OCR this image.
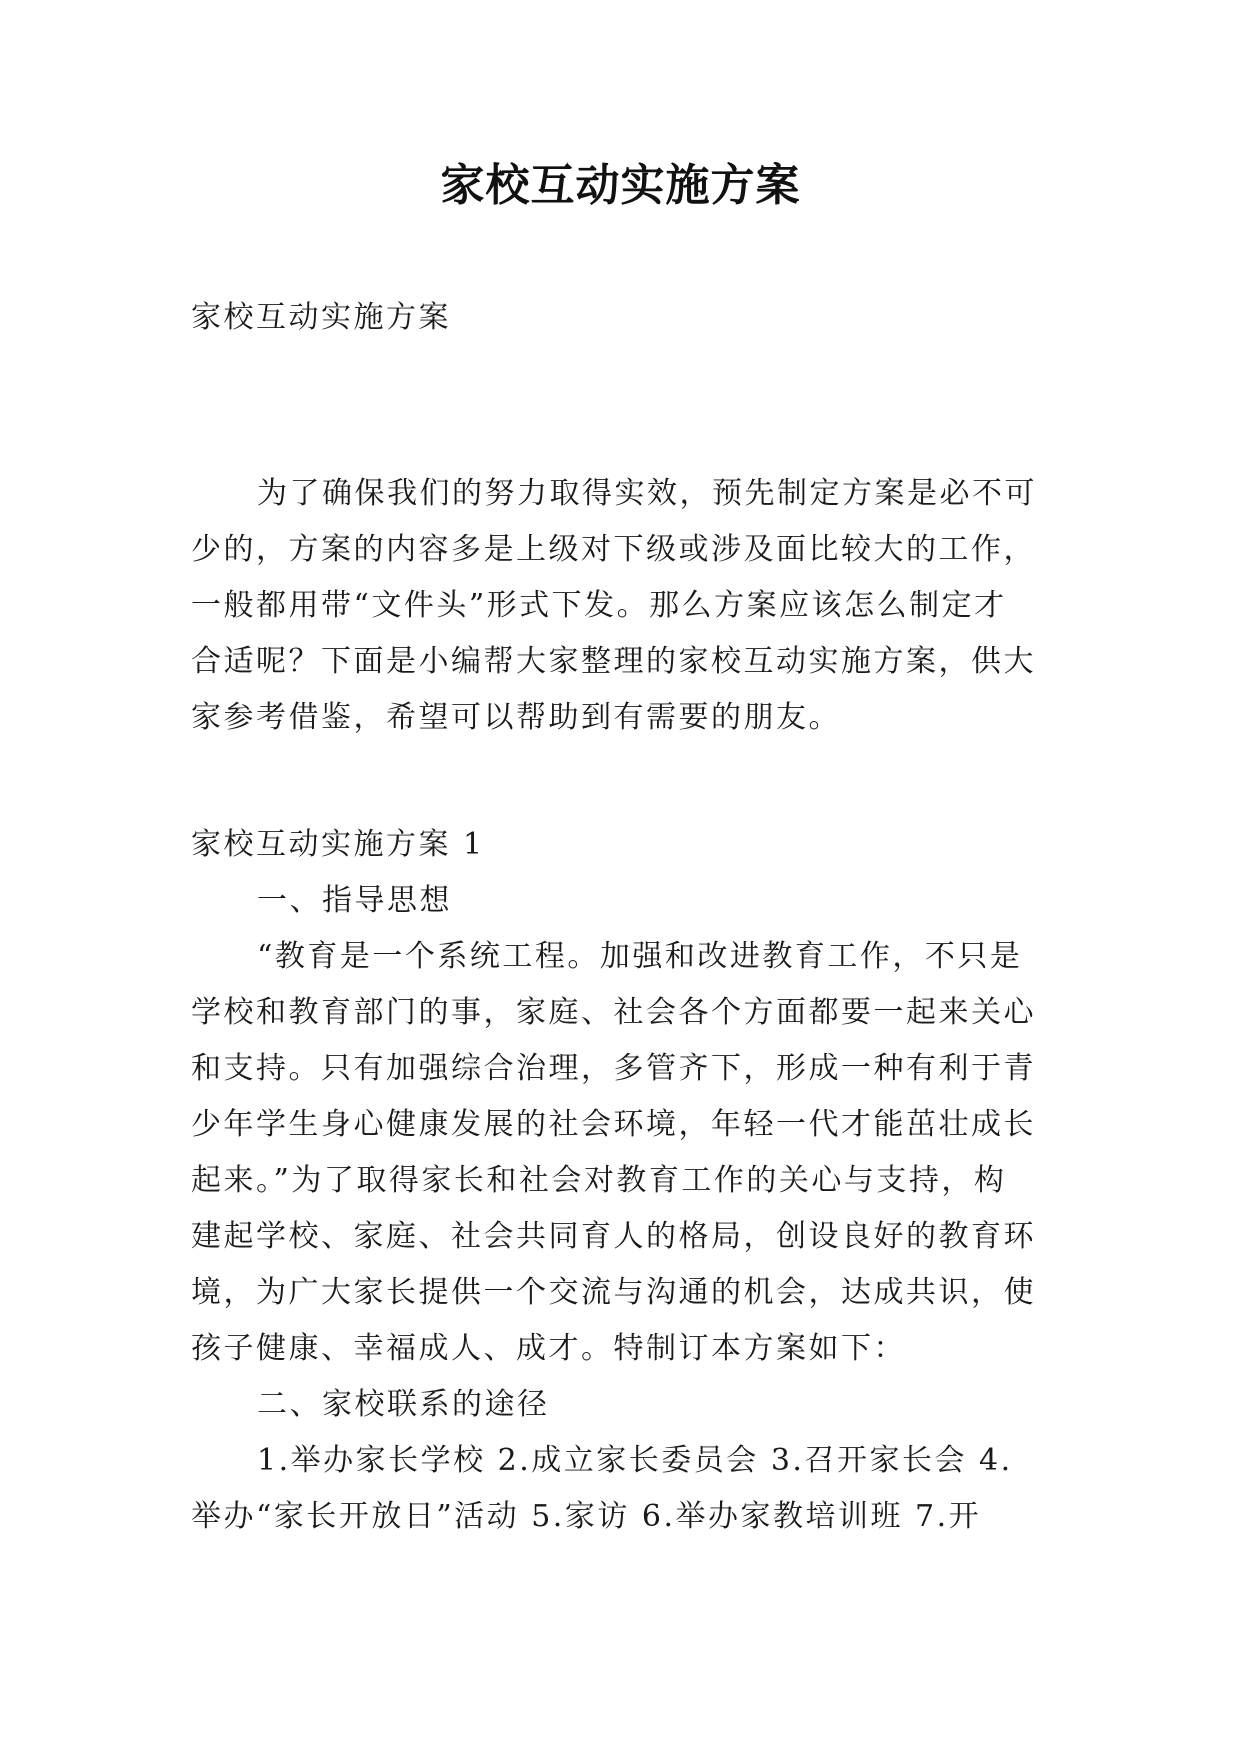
家校互动实施方案
家校互动实施方案
为了确保我们的努力取得实效，预先制定方案是必不可
少的，方案的内容多是上级对下级或涉及面比较大的工作，
一般都用带“文件头”形式下发。那么方案应该怎么制定才
合适呢？下面是小编帮大家整理的家校互动实施方案，供大
家参考借鉴，希望可以帮助到有需要的朋友。
家校互动实施方案 1
一、指导思想
“教育是一个系统工程。加强和改进教育工作，不只是
学校和教育部门的事，家庭、社会各个方面都要一起来关心
和支持。只有加强综合治理，多管齐下，形成一种有利于青
少年学生身心健康发展的社会环境，年轻一代才能茁壮成长
起来。”为了取得家长和社会对教育工作的关心与支持，构
建起学校、家庭、社会共同育人的格局，创设良好的教育环
境，为广大家长提供一个交流与沟通的机会，达成共识，使
孩子健康、幸福成人、成才。特制订本方案如下：
二、家校联系的途径
1.举办家长学校 2.成立家长委员会 3.召开家长会 4.
举办“家长开放日”活动 5.家访 6.举办家教培训班 7.开
